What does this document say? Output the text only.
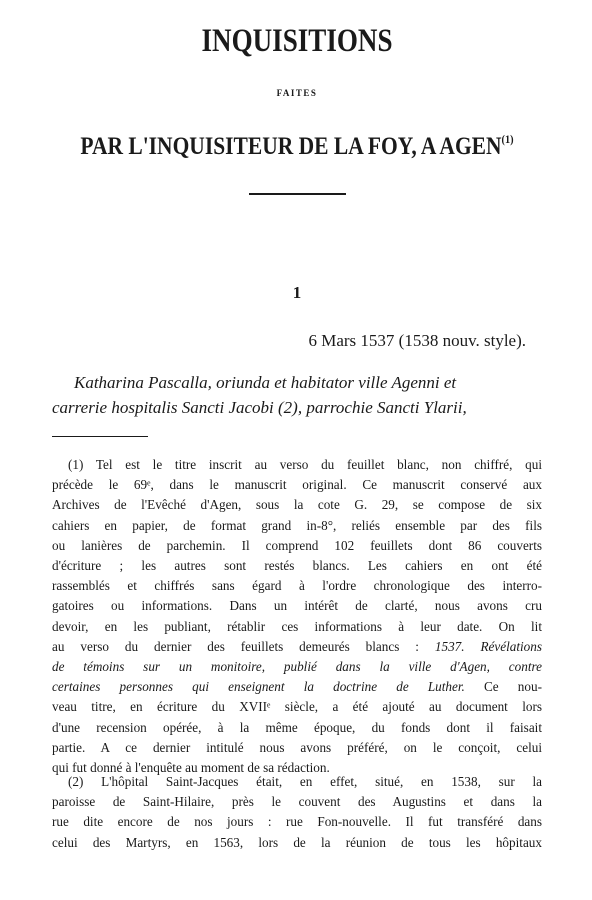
INQUISITIONS
FAITES
PAR L'INQUISITEUR DE LA FOY, A AGEN$^{(1)}$
1
6 Mars 1537 (1538 nouv. style).
Katharina Pascalla, oriunda et habitator ville Agenni et
carrerie hospitalis Sancti Jacobi (2), parrochie Sancti Ylarii,
(1) Tel est le titre inscrit au verso du feuillet blanc, non chiffré, qui
précède le 69ᵉ, dans le manuscrit original. Ce manuscrit conservé aux
Archives de l'Evêché d'Agen, sous la cote G. 29, se compose de six
cahiers en papier, de format grand in-8°, reliés ensemble par des fils
ou lanières de parchemin. Il comprend 102 feuillets dont 86 couverts
d'écriture ; les autres sont restés blancs. Les cahiers en ont été
rassemblés et chiffrés sans égard à l'ordre chronologique des interro-
gatoires ou informations. Dans un intérêt de clarté, nous avons cru
devoir, en les publiant, rétablir ces informations à leur date. On lit
au verso du dernier des feuillets demeurés blancs : 1537. Révélations
de témoins sur un monitoire, publié dans la ville d'Agen, contre
certaines personnes qui enseignent la doctrine de Luther. Ce nou-
veau titre, en écriture du XVIIᵉ siècle, a été ajouté au document lors
d'une recension opérée, à la même époque, du fonds dont il faisait
partie. A ce dernier intitulé nous avons préféré, on le conçoit, celui
qui fut donné à l'enquête au moment de sa rédaction.
(2) L'hôpital Saint-Jacques était, en effet, situé, en 1538, sur la
paroisse de Saint-Hilaire, près le couvent des Augustins et dans la
rue dite encore de nos jours : rue Fon-nouvelle. Il fut transféré dans
celui des Martyrs, en 1563, lors de la réunion de tous les hôpitaux
